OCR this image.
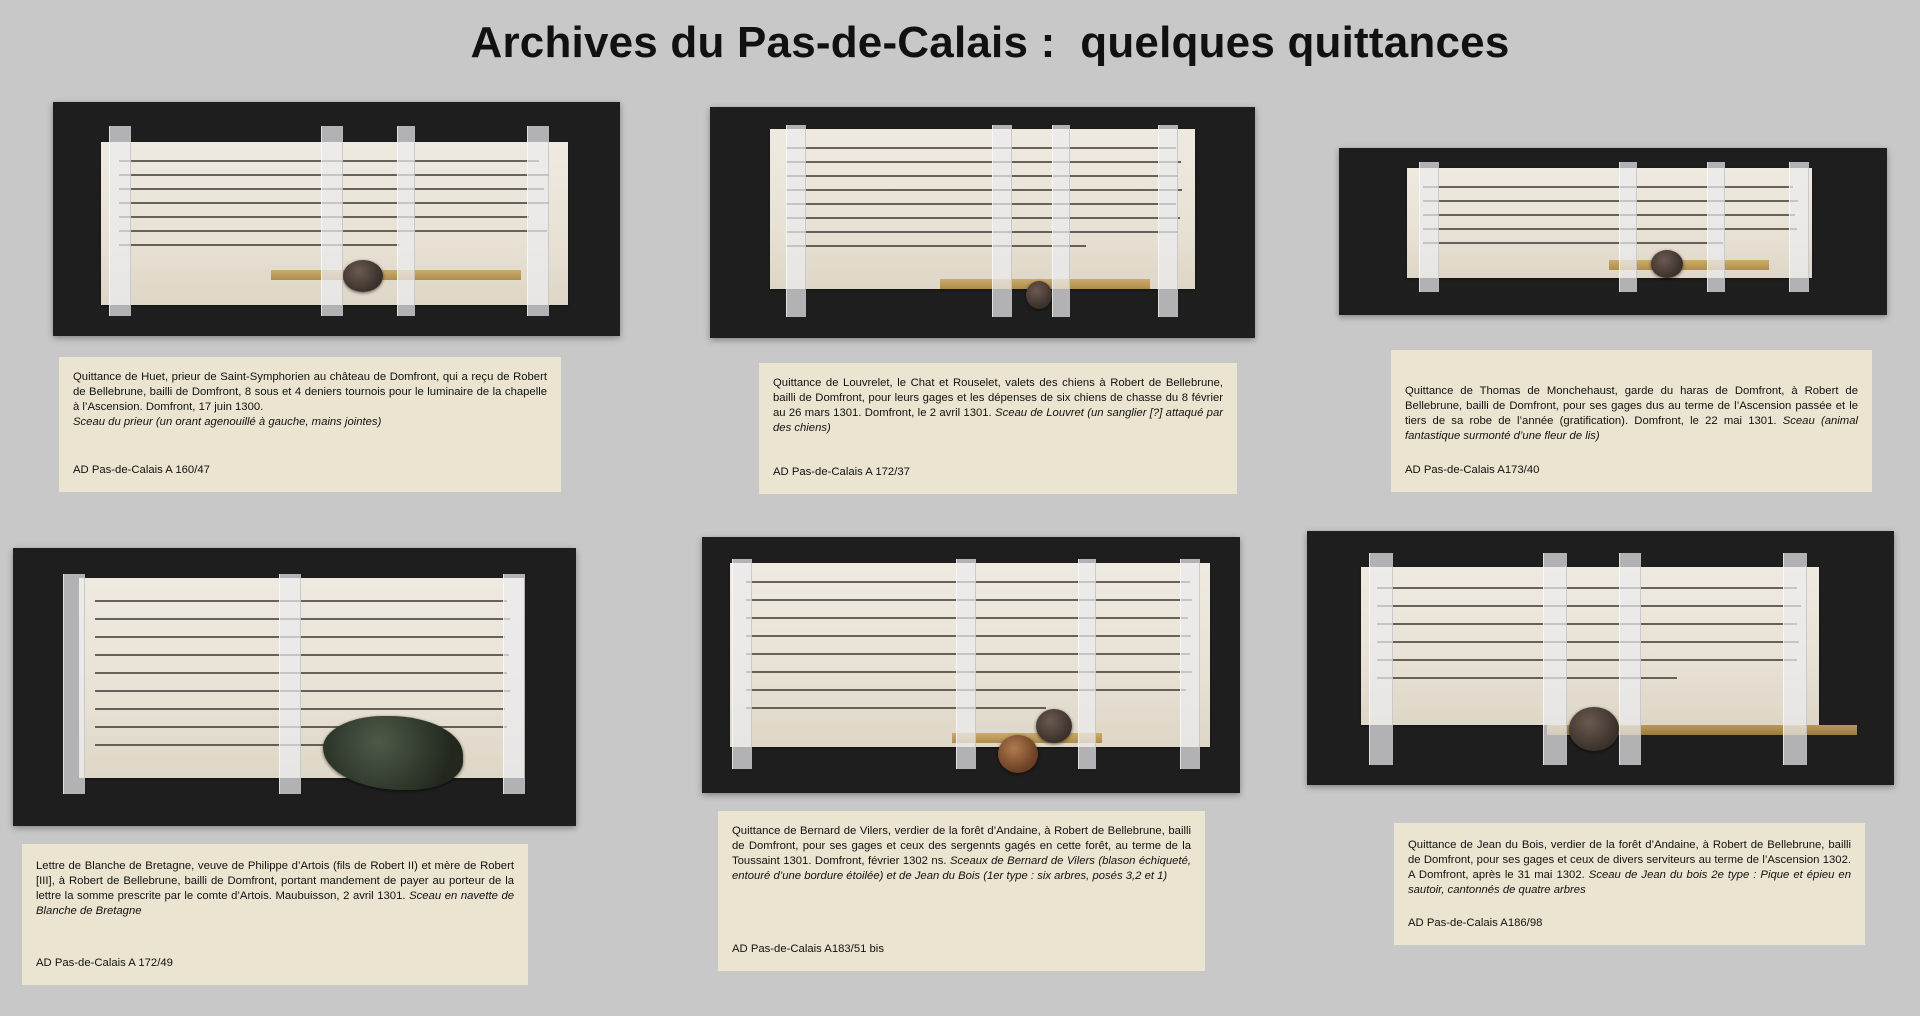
Archives du Pas-de-Calais :  quelques quittances
Quittance de Huet, prieur de Saint-Symphorien au château de Domfront, qui a reçu de Robert de Bellebrune, bailli de Domfront, 8 sous et 4 deniers tournois pour le luminaire de la chapelle à l’Ascension. Domfront, 17 juin 1300.
Sceau du prieur (un orant agenouillé à gauche, mains jointes)
AD Pas-de-Calais A 160/47
Quittance de Louvrelet, le Chat et Rouselet, valets des chiens à Robert de Bellebrune, bailli de Domfront, pour leurs gages et les dépenses de six chiens de chasse du 8 février au 26 mars 1301. Domfront, le 2 avril 1301. Sceau de Louvret (un sanglier [?] attaqué par des chiens)
AD Pas-de-Calais A 172/37
Quittance de Thomas de Monchehaust, garde du haras de Domfront, à Robert de Bellebrune, bailli de Domfront, pour ses gages dus au terme de l’Ascension passée et le tiers de sa robe de l’année (gratification). Domfront, le 22 mai 1301. Sceau (animal fantastique surmonté d’une fleur de lis)
AD Pas-de-Calais A173/40
Lettre de Blanche de Bretagne, veuve de Philippe d’Artois (fils de Robert II) et mère de Robert [III], à Robert de Bellebrune, bailli de Domfront, portant mandement de payer au porteur de la lettre la somme prescrite par le comte d’Artois. Maubuisson, 2 avril 1301. Sceau en navette de Blanche de Bretagne
AD Pas-de-Calais A 172/49
Quittance de Bernard de Vilers, verdier de la forêt d’Andaine, à Robert de Bellebrune, bailli de Domfront, pour ses gages et ceux des sergennts gagés en cette forêt, au terme de la Toussaint 1301. Domfront, février 1302 ns. Sceaux de Bernard de Vilers (blason échiqueté, entouré d’une bordure étoilée) et de Jean du Bois (1er type : six arbres, posés 3,2 et 1)
AD Pas-de-Calais A183/51 bis
Quittance de Jean du Bois, verdier de la forêt d’Andaine, à Robert de Bellebrune, bailli de Domfront, pour ses gages et ceux de divers serviteurs au terme de l’Ascension 1302. A Domfront, après le 31 mai 1302. Sceau de Jean du bois 2e type : Pique et épieu en sautoir, cantonnés de quatre arbres
AD Pas-de-Calais A186/98
